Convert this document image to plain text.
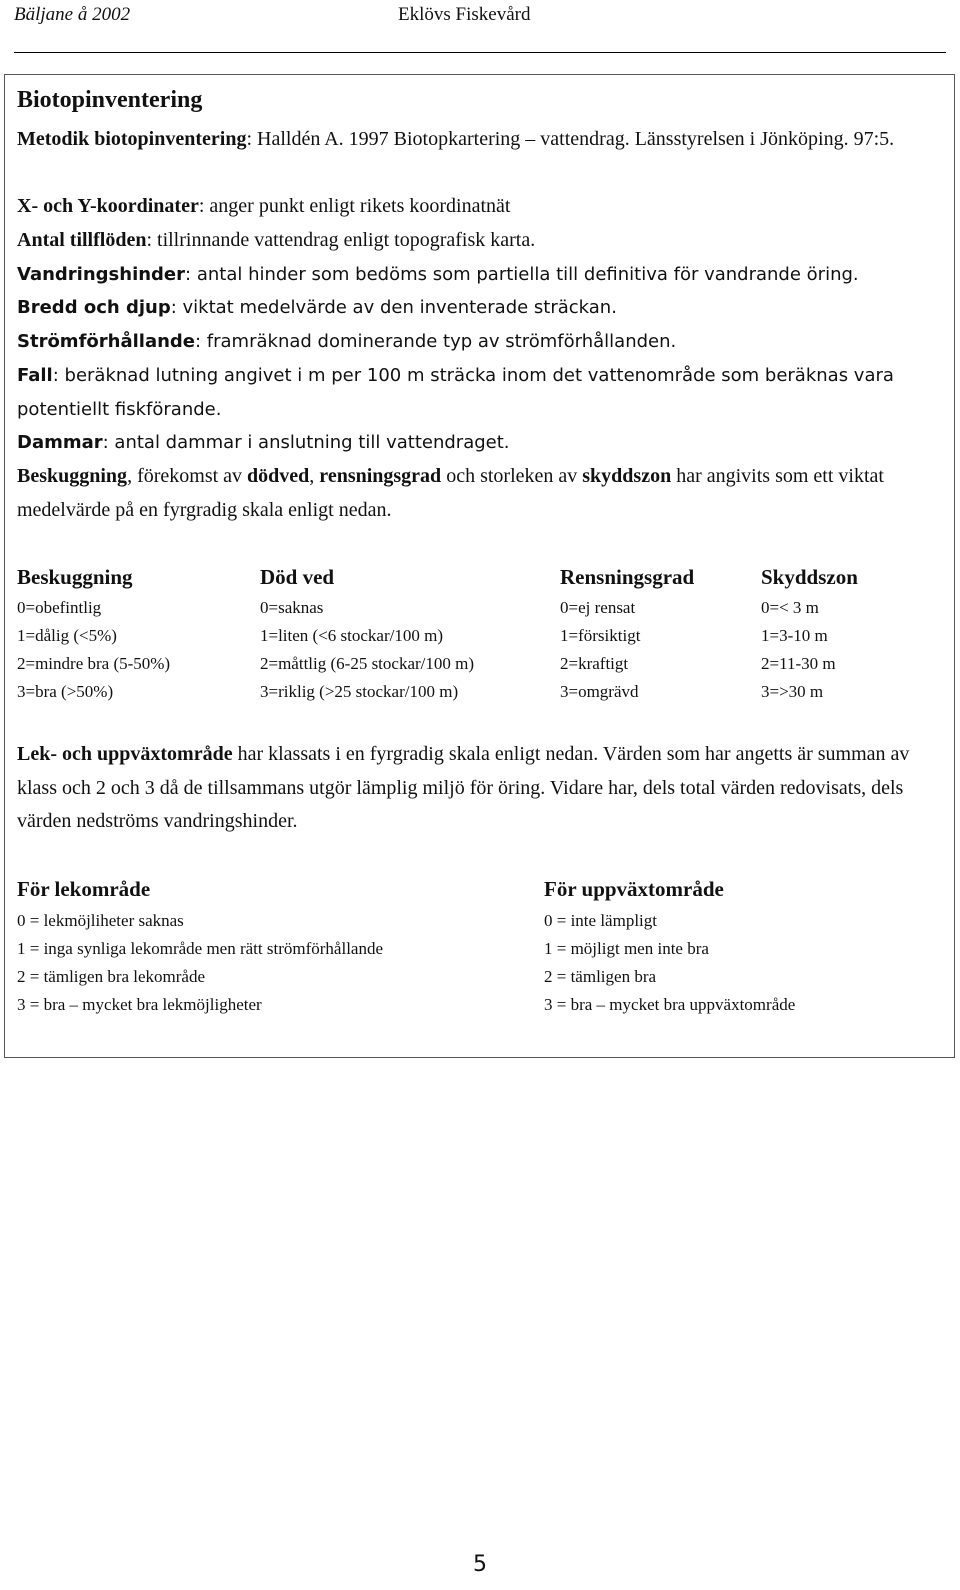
Bäljane å 2002	Eklövs Fiskevård
Biotopinventering
Metodik biotopinventering: Halldén A. 1997 Biotopkartering – vattendrag. Länsstyrelsen i Jönköping. 97:5.
X- och Y-koordinater: anger punkt enligt rikets koordinatnät
Antal tillflöden: tillrinnande vattendrag enligt topografisk karta.
Vandringshinder: antal hinder som bedöms som partiella till definitiva för vandrande öring.
Bredd och djup: viktat medelvärde av den inventerade sträckan.
Strömförhållande: framräknad dominerande typ av strömförhållanden.
Fall: beräknad lutning angivet i m per 100 m sträcka inom det vattenområde som beräknas vara potentiellt fiskförande.
Dammar: antal dammar i anslutning till vattendraget.
Beskuggning, förekomst av dödved, rensningsgrad och storleken av skyddszon har angivits som ett viktat medelvärde på en fyrgradig skala enligt nedan.
Beskuggning	Död ved	Rensningsgrad	Skyddszon
0=obefintlig	0=saknas	0=ej rensat	0=< 3 m
1=dålig (<5%)	1=liten (<6 stockar/100 m)	1=försiktigt	1=3-10 m
2=mindre bra (5-50%)	2=måttlig (6-25 stockar/100 m)	2=kraftigt	2=11-30 m
3=bra (>50%)	3=riklig (>25 stockar/100 m)	3=omgrävd	3=>30 m
Lek- och uppväxtområde har klassats i en fyrgradig skala enligt nedan. Värden som har angetts är summan av klass och 2 och 3 då de tillsammans utgör lämplig miljö för öring. Vidare har, dels total värden redovisats, dels värden nedströms vandringshinder.
För lekområde	För uppväxtområde
0 = lekmöjliheter saknas	0 = inte lämpligt
1 = inga synliga lekområde men rätt strömförhållande	1 = möjligt men inte bra
2 = tämligen bra lekområde	2 = tämligen bra
3 = bra – mycket bra lekmöjligheter	3 = bra – mycket bra uppväxtområde
5
